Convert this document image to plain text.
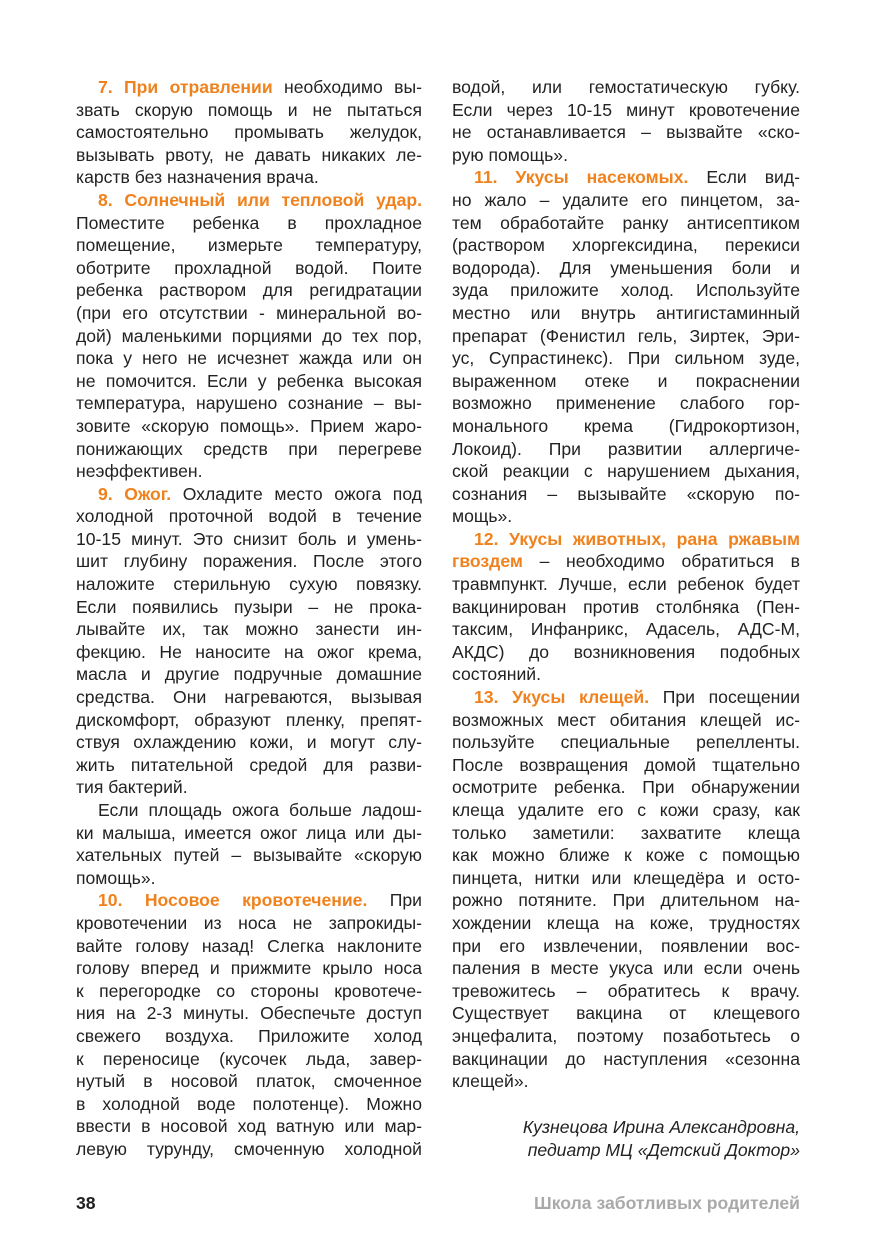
7. При отравлении необходимо вы-
звать скорую помощь и не пытаться
самостоятельно промывать желудок,
вызывать рвоту, не давать никаких ле-
карств без назначения врача.
8. Солнечный или тепловой удар.
Поместите ребенка в прохладное
помещение, измерьте температуру,
оботрите прохладной водой. Поите
ребенка раствором для регидратации
(при его отсутствии - минеральной во-
дой) маленькими порциями до тех пор,
пока у него не исчезнет жажда или он
не помочится. Если у ребенка высокая
температура, нарушено сознание – вы-
зовите «скорую помощь». Прием жаро-
понижающих средств при перегреве
неэффективен.
9. Ожог. Охладите место ожога под
холодной проточной водой в течение
10-15 минут. Это снизит боль и умень-
шит глубину поражения. После этого
наложите стерильную сухую повязку.
Если появились пузыри – не прока-
лывайте их, так можно занести ин-
фекцию. Не наносите на ожог крема,
масла и другие подручные домашние
средства. Они нагреваются, вызывая
дискомфорт, образуют пленку, препят-
ствуя охлаждению кожи, и могут слу-
жить питательной средой для разви-
тия бактерий.
Если площадь ожога больше ладош-
ки малыша, имеется ожог лица или ды-
хательных путей – вызывайте «скорую
помощь».
10. Носовое кровотечение. При
кровотечении из носа не запрокиды-
вайте голову назад! Слегка наклоните
голову вперед и прижмите крыло носа
к перегородке со стороны кровотече-
ния на 2-3 минуты. Обеспечьте доступ
свежего воздуха. Приложите холод
к переносице (кусочек льда, завер-
нутый в носовой платок, смоченное
в холодной воде полотенце). Можно
ввести в носовой ход ватную или мар-
левую турунду, смоченную холодной
водой, или гемостатическую губку.
Если через 10-15 минут кровотечение
не останавливается – вызвайте «ско-
рую помощь».
11. Укусы насекомых. Если вид-
но жало – удалите его пинцетом, за-
тем обработайте ранку антисептиком
(раствором хлоргексидина, перекиси
водорода). Для уменьшения боли и
зуда приложите холод. Используйте
местно или внутрь антигистаминный
препарат (Фенистил гель, Зиртек, Эри-
ус, Супрастинекс). При сильном зуде,
выраженном отеке и покраснении
возможно применение слабого гор-
монального крема (Гидрокортизон,
Локоид). При развитии аллергиче-
ской реакции с нарушением дыхания,
сознания – вызывайте «скорую по-
мощь».
12. Укусы животных, рана ржавым
гвоздем – необходимо обратиться в
травмпункт. Лучше, если ребенок будет
вакцинирован против столбняка (Пен-
таксим, Инфанрикс, Адасель, АДС-М,
АКДС) до возникновения подобных
состояний.
13. Укусы клещей. При посещении
возможных мест обитания клещей ис-
пользуйте специальные репелленты.
После возвращения домой тщательно
осмотрите ребенка. При обнаружении
клеща удалите его с кожи сразу, как
только заметили: захватите клеща
как можно ближе к коже с помощью
пинцета, нитки или клещедёра и осто-
рожно потяните. При длительном на-
хождении клеща на коже, трудностях
при его извлечении, появлении вос-
паления в месте укуса или если очень
тревожитесь – обратитесь к врачу.
Существует вакцина от клещевого
энцефалита, поэтому позаботьтесь о
вакцинации до наступления «сезонна
клещей».
Кузнецова Ирина Александровна,
педиатр МЦ «Детский Доктор»
38	Школа заботливых родителей
